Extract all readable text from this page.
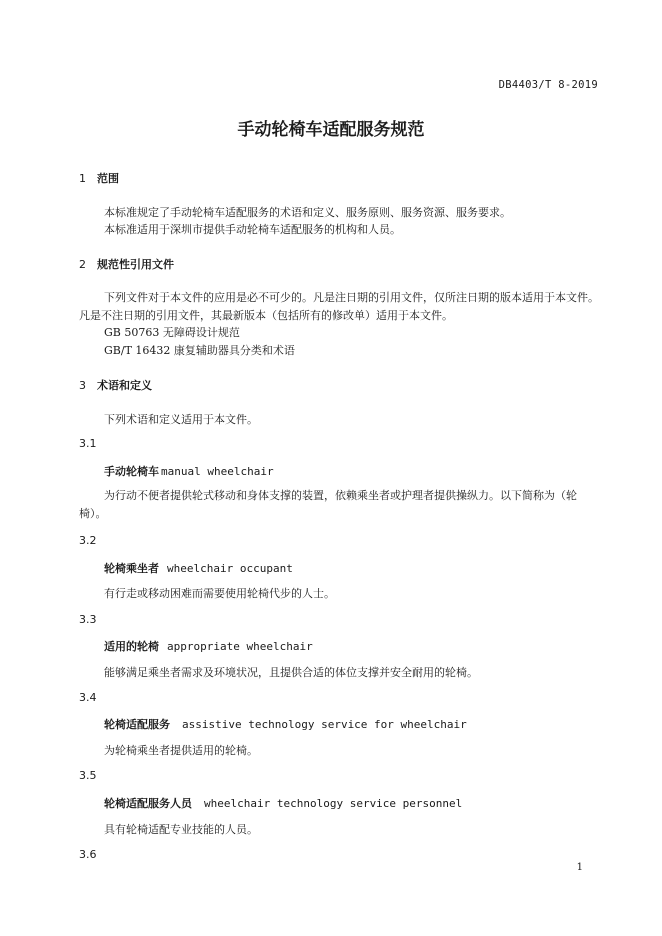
DB4403/T 8-2019
手动轮椅车适配服务规范
1 范围
本标准规定了手动轮椅车适配服务的术语和定义、服务原则、服务资源、服务要求。
本标准适用于深圳市提供手动轮椅车适配服务的机构和人员。
2 规范性引用文件
下列文件对于本文件的应用是必不可少的。凡是注日期的引用文件，仅所注日期的版本适用于本文件。凡是不注日期的引用文件，其最新版本（包括所有的修改单）适用于本文件。
GB 50763 无障碍设计规范
GB/T 16432 康复辅助器具分类和术语
3 术语和定义
下列术语和定义适用于本文件。
3.1
手动轮椅车 manual wheelchair
为行动不便者提供轮式移动和身体支撑的装置，依赖乘坐者或护理者提供操纵力。以下简称为（轮椅）。
3.2
轮椅乘坐者 wheelchair occupant
有行走或移动困难而需要使用轮椅代步的人士。
3.3
适用的轮椅 appropriate wheelchair
能够满足乘坐者需求及环境状况，且提供合适的体位支撑并安全耐用的轮椅。
3.4
轮椅适配服务 assistive technology service for wheelchair
为轮椅乘坐者提供适用的轮椅。
3.5
轮椅适配服务人员 wheelchair technology service personnel
具有轮椅适配专业技能的人员。
3.6
1
